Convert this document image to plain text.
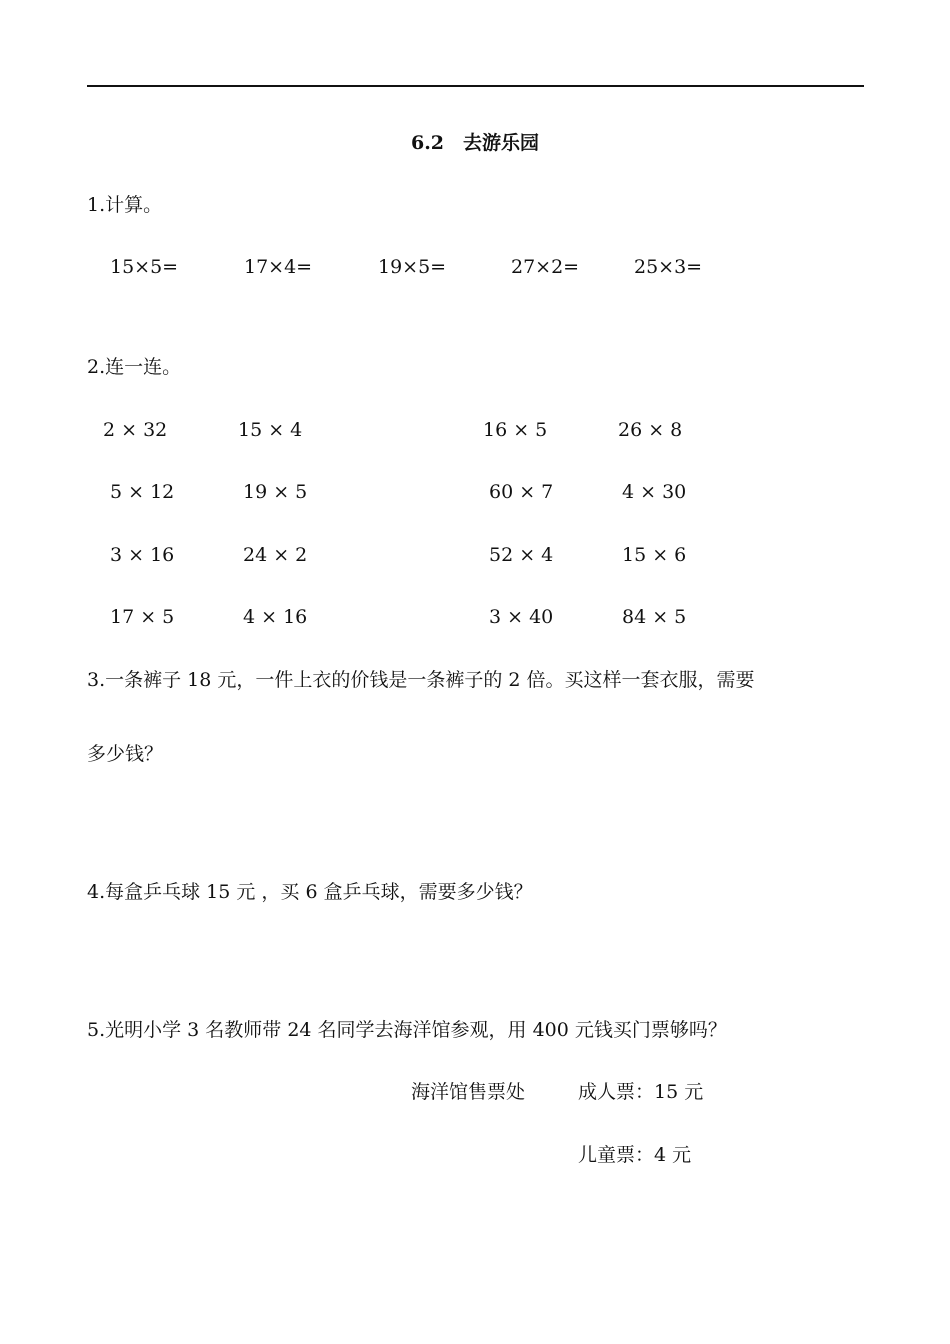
6.2　去游乐园
1.计算。
15×5=	17×4=	19×5=	27×2=	25×3=
2.连一连。
2 × 32	15 × 4	16 × 5	26 × 8
5 × 12	19 × 5	60 × 7	4 × 30
3 × 16	24 × 2	52 × 4	15 × 6
17 × 5	4 × 16	3 × 40	84 × 5
3.一条裤子 18 元，一件上衣的价钱是一条裤子的 2 倍。买这样一套衣服，需要
多少钱？
4.每盒乒乓球 15 元 ，买 6 盒乒乓球，需要多少钱？
5.光明小学 3 名教师带 24 名同学去海洋馆参观，用 400 元钱买门票够吗？
海洋馆售票处	成人票：15 元
儿童票：4 元
